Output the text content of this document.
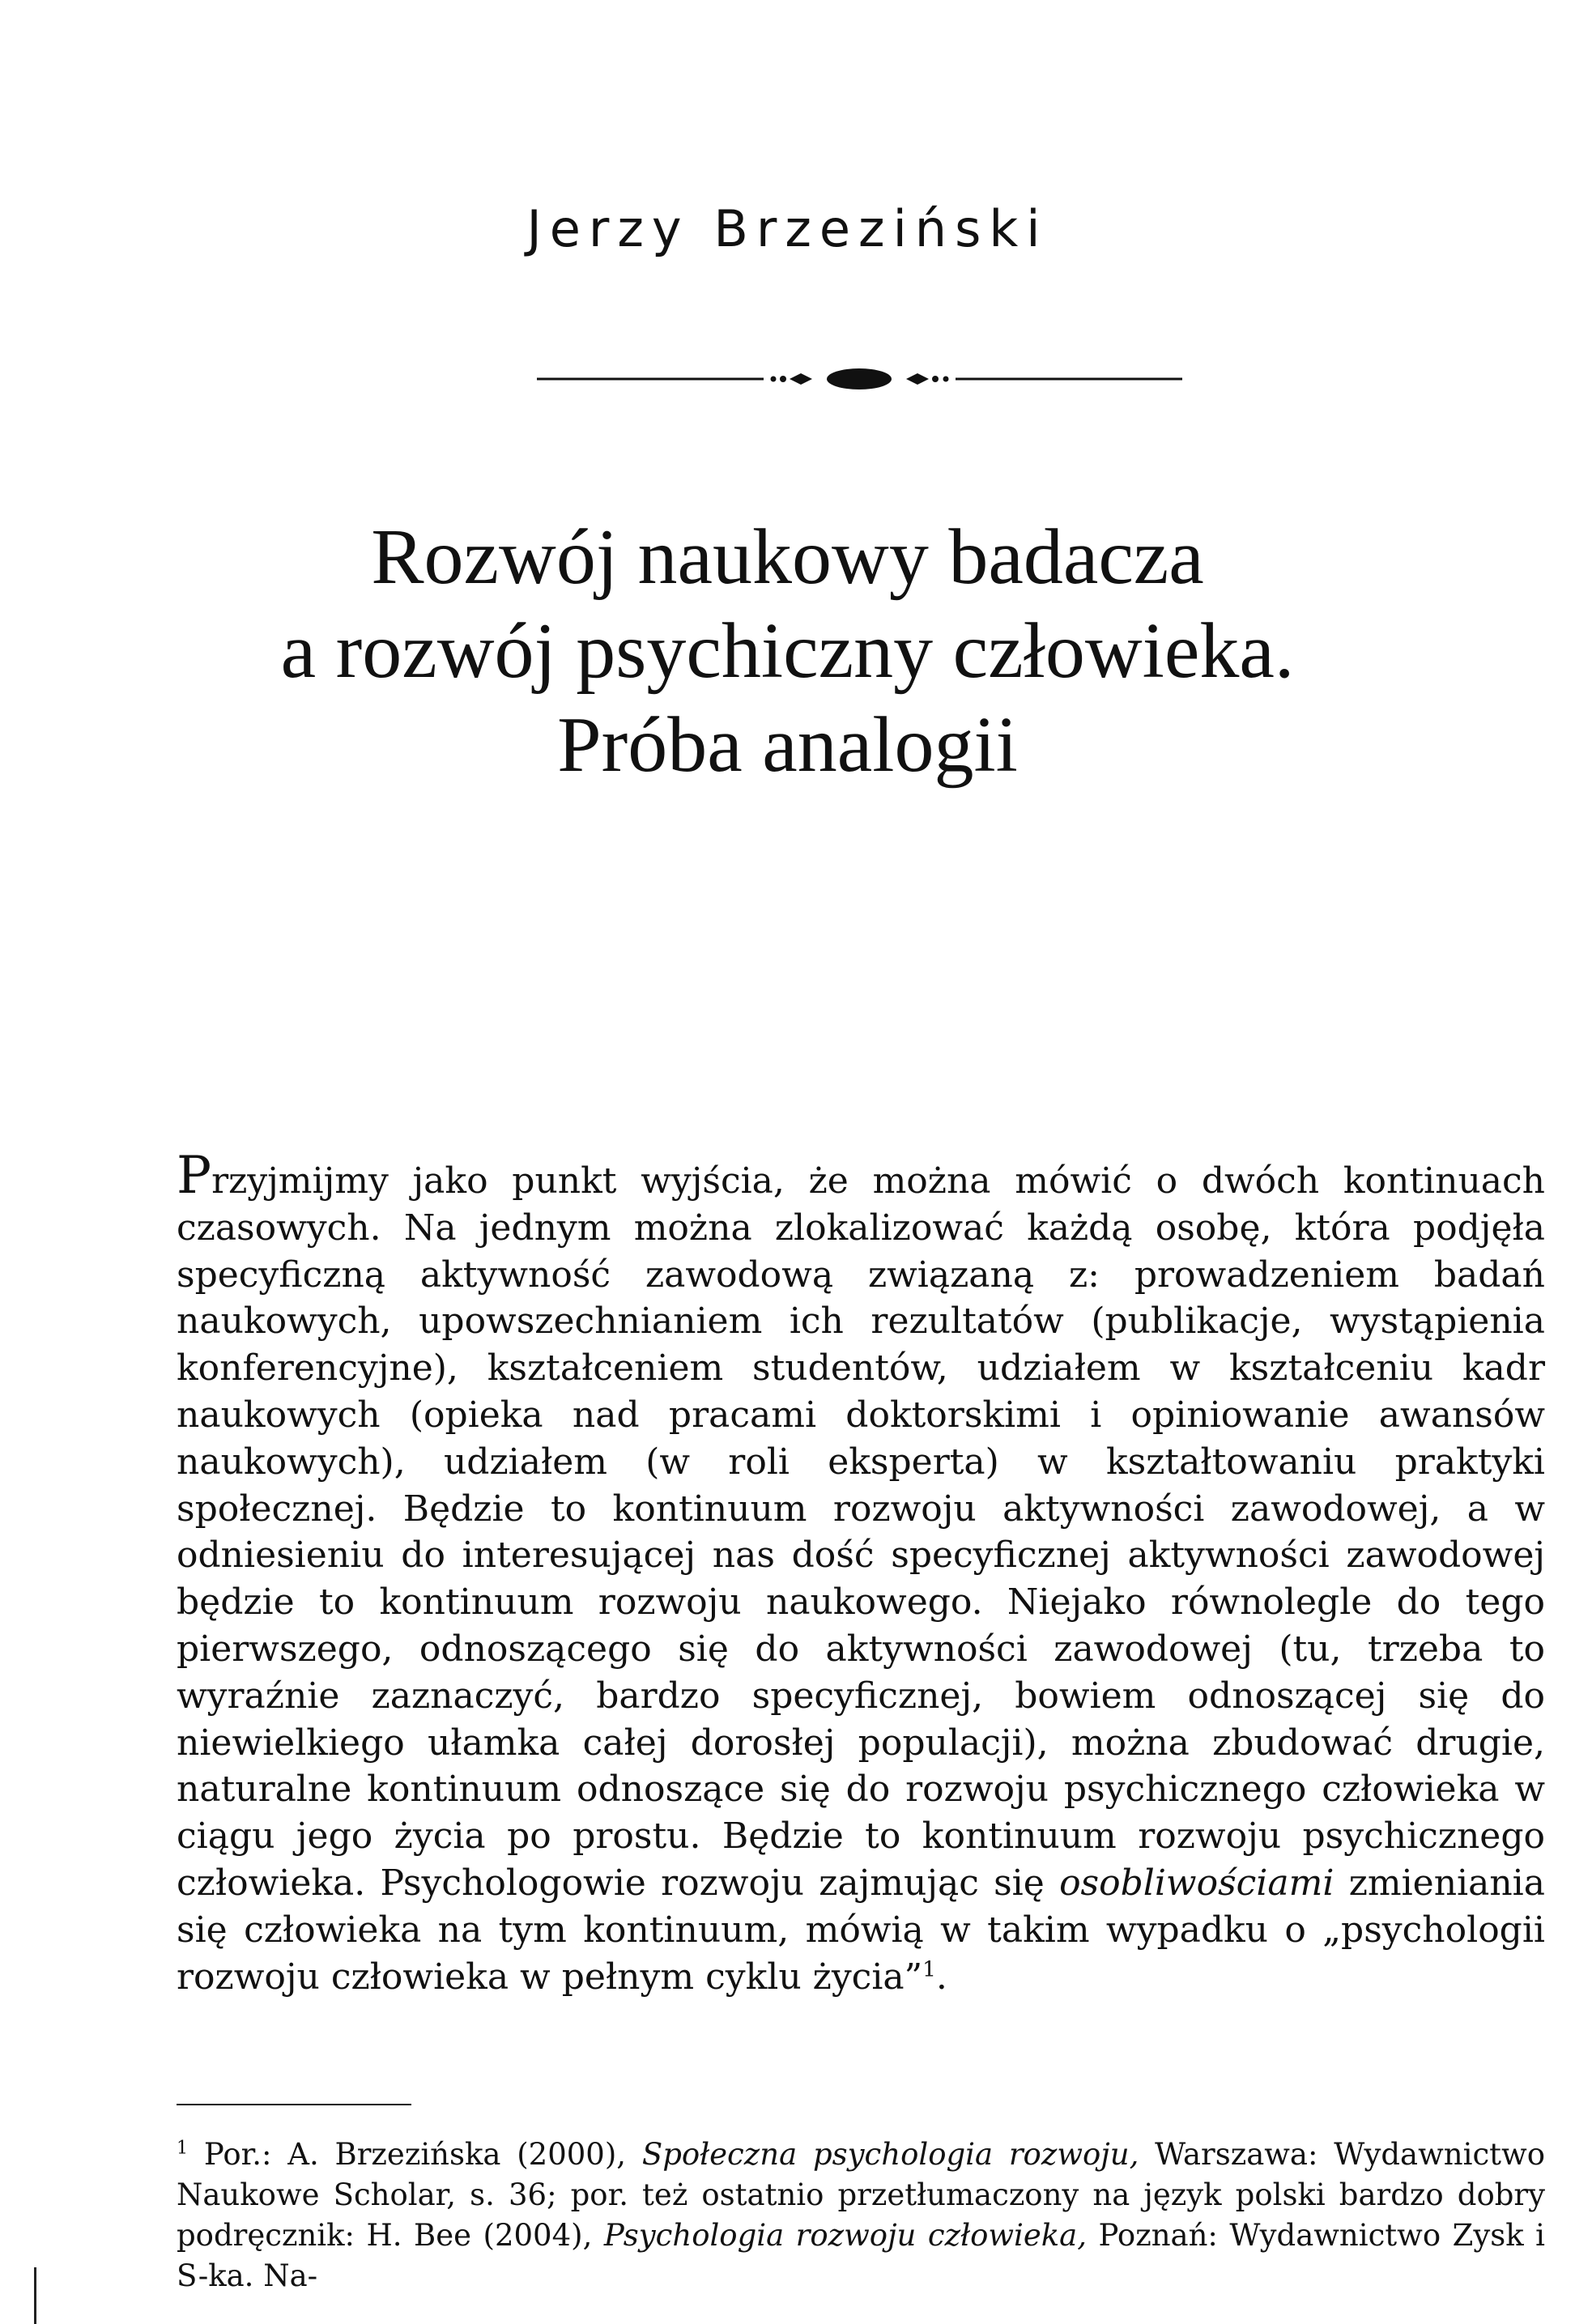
Jerzy Brzeziński
Rozwój naukowy badacza
a rozwój psychiczny człowieka.
Próba analogii

Przyjmijmy jako punkt wyjścia, że można mówić o dwóch kontinuach czasowych. Na jednym można zlokalizować każdą osobę, która podjęła specyficzną aktywność zawodową związaną z: prowadzeniem badań naukowych, upowszechnianiem ich rezultatów (publikacje, wystąpienia konferencyjne), kształceniem studentów, udziałem w kształceniu kadr naukowych (opieka nad pracami doktorskimi i opiniowanie awansów naukowych), udziałem (w roli eksperta) w kształtowaniu praktyki społecznej. Będzie to kontinuum rozwoju aktywności zawodowej, a w odniesieniu do interesującej nas dość specyficznej aktywności zawodowej będzie to kontinuum rozwoju naukowego. Niejako równolegle do tego pierwszego, odnoszącego się do aktywności zawodowej (tu, trzeba to wyraźnie zaznaczyć, bardzo specyficznej, bowiem odnoszącej się do niewielkiego ułamka całej dorosłej populacji), można zbudować drugie, naturalne kontinuum odnoszące się do rozwoju psychicznego człowieka w ciągu jego życia po prostu. Będzie to kontinuum rozwoju psychicznego człowieka. Psychologowie rozwoju zajmując się osobliwościami zmieniania się człowieka na tym kontinuum, mówią w takim wypadku o „psychologii rozwoju człowieka w pełnym cyklu życia”$^1$.

$^1$ Por.: A. Brzezińska (2000), Społeczna psychologia rozwoju, Warszawa: Wydawnictwo Naukowe Scholar, s. 36; por. też ostatnio przetłumaczony na język polski bardzo dobry podręcznik: H. Bee (2004), Psychologia rozwoju człowieka, Poznań: Wydawnictwo Zysk i S-ka. Na-
